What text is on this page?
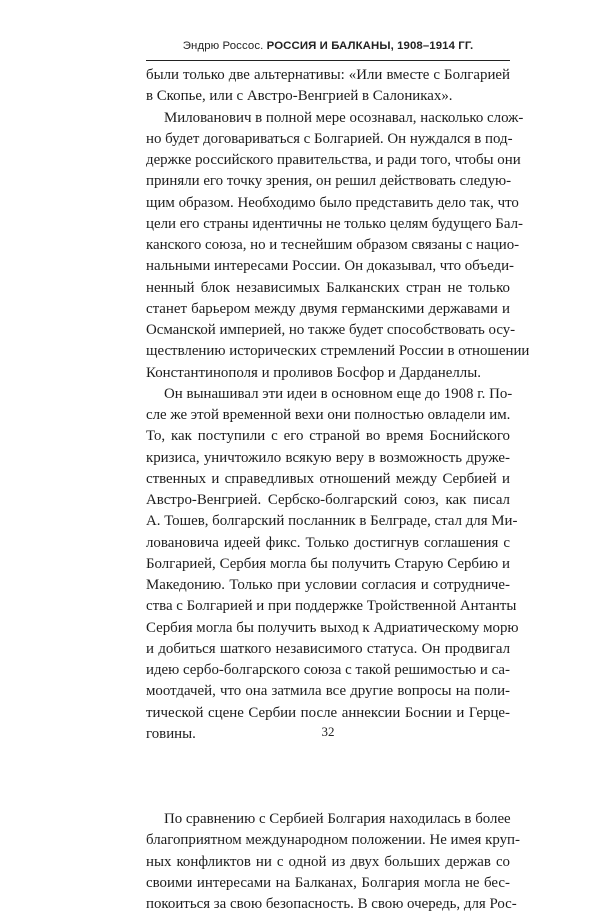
Эндрю Россос. РОССИЯ И БАЛКАНЫ, 1908–1914 ГГ.
были только две альтернативы: «Или вместе с Болгарией
в Скопье, или с Австро-Венгрией в Салониках».
Милованович в полной мере осознавал, насколько слож-
но будет договариваться с Болгарией. Он нуждался в под-
держке российского правительства, и ради того, чтобы они
приняли его точку зрения, он решил действовать следую-
щим образом. Необходимо было представить дело так, что
цели его страны идентичны не только целям будущего Бал-
канского союза, но и теснейшим образом связаны с нацио-
нальными интересами России. Он доказывал, что объеди-
ненный блок независимых Балканских стран не только
станет барьером между двумя германскими державами и
Османской империей, но также будет способствовать осу-
ществлению исторических стремлений России в отношении
Константинополя и проливов Босфор и Дарданеллы.
Он вынашивал эти идеи в основном еще до 1908 г. По-
сле же этой временной вехи они полностью овладели им.
То, как поступили с его страной во время Боснийского
кризиса, уничтожило всякую веру в возможность друже-
ственных и справедливых отношений между Сербией и
Австро-Венгрией. Сербско-болгарский союз, как писал
А. Тошев, болгарский посланник в Белграде, стал для Ми-
ловановича идеей фикс. Только достигнув соглашения с
Болгарией, Сербия могла бы получить Старую Сербию и
Македонию. Только при условии согласия и сотрудниче-
ства с Болгарией и при поддержке Тройственной Антанты
Сербия могла бы получить выход к Адриатическому морю
и добиться шаткого независимого статуса. Он продвигал
идею сербо-болгарского союза с такой решимостью и са-
моотдачей, что она затмила все другие вопросы на поли-
тической сцене Сербии после аннексии Боснии и Герце-
говины.
По сравнению с Сербией Болгария находилась в более
благоприятном международном положении. Не имея круп-
ных конфликтов ни с одной из двух больших держав со
своими интересами на Балканах, Болгария могла не бес-
покоиться за свою безопасность. В свою очередь, для Рос-
32
